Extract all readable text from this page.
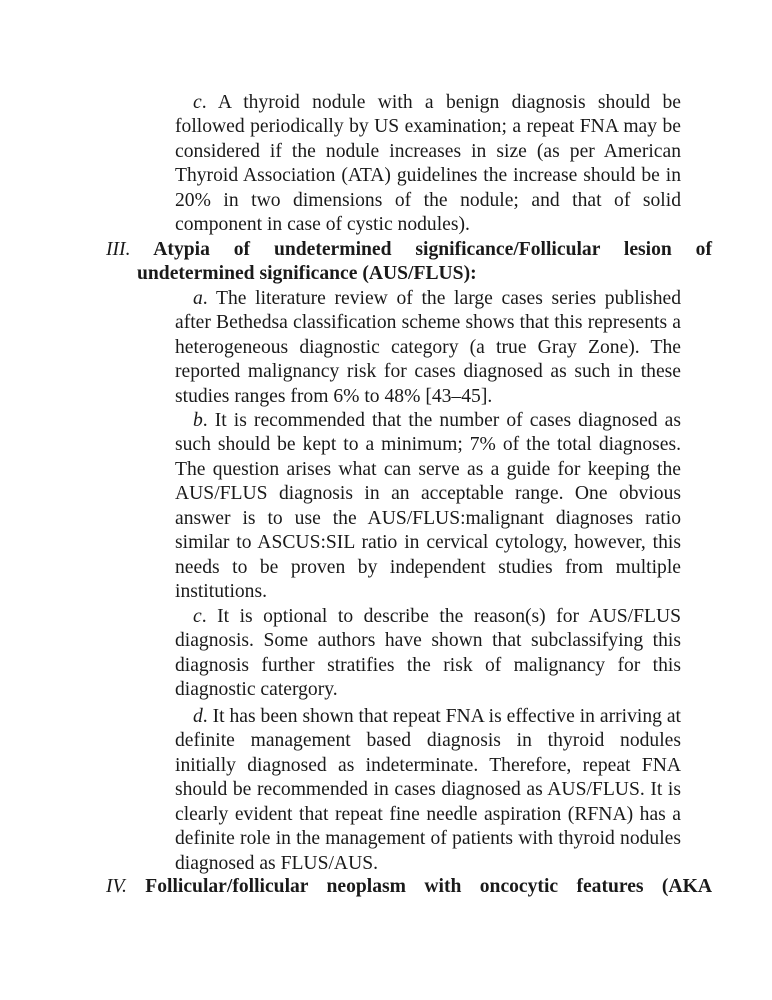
c. A thyroid nodule with a benign diagnosis should be followed periodically by US examination; a repeat FNA may be considered if the nodule increases in size (as per American Thyroid Association (ATA) guidelines the increase should be in 20% in two dimensions of the nodule; and that of solid component in case of cystic nodules).

III. Atypia of undetermined significance/Follicular lesion of undetermined significance (AUS/FLUS):

a. The literature review of the large cases series published after Bethedsa classification scheme shows that this represents a heterogeneous diagnostic category (a true Gray Zone). The reported malignancy risk for cases diagnosed as such in these studies ranges from 6% to 48% [43–45].

b. It is recommended that the number of cases diagnosed as such should be kept to a minimum; 7% of the total diagnoses. The question arises what can serve as a guide for keeping the AUS/FLUS diagnosis in an acceptable range. One obvious answer is to use the AUS/FLUS:malignant diagnoses ratio similar to ASCUS:SIL ratio in cervical cytology, however, this needs to be proven by independent studies from multiple institutions.

c. It is optional to describe the reason(s) for AUS/FLUS diagnosis. Some authors have shown that subclassifying this diagnosis further stratifies the risk of malignancy for this diagnostic catergory.

d. It has been shown that repeat FNA is effective in arriving at definite management based diagnosis in thyroid nodules initially diagnosed as indeterminate. Therefore, repeat FNA should be recommended in cases diagnosed as AUS/FLUS. It is clearly evident that repeat fine needle aspiration (RFNA) has a definite role in the management of patients with thyroid nodules diagnosed as FLUS/AUS.

IV. Follicular/follicular neoplasm with oncocytic features (AKA
